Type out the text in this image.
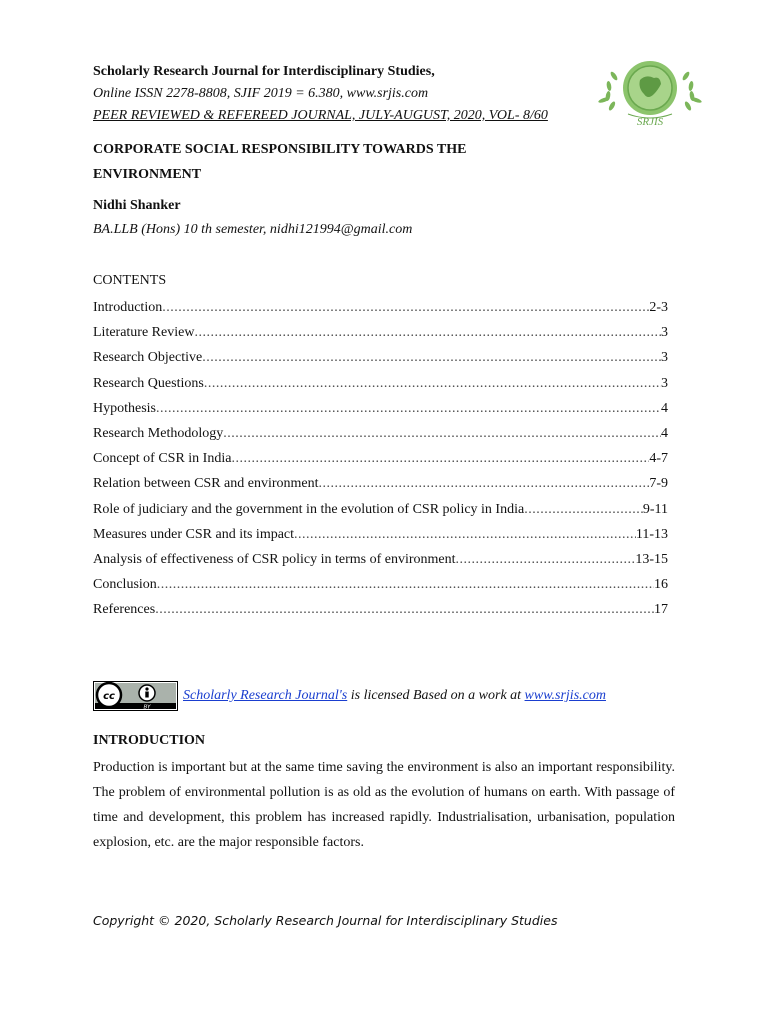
Scholarly Research Journal for Interdisciplinary Studies,
Online ISSN 2278-8808, SJIF 2019 = 6.380, www.srjis.com
PEER REVIEWED & REFEREED JOURNAL, JULY-AUGUST, 2020, VOL- 8/60	SRJIS
CORPORATE SOCIAL RESPONSIBILITY TOWARDS THE
ENVIRONMENT
Nidhi Shanker
BA.LLB (Hons) 10 th semester, nidhi121994@gmail.com
CONTENTS
Introduction .....	2-3
Literature Review .....	3
Research Objective .....	3
Research Questions .....	3
Hypothesis .....	4
Research Methodology .....	4
Concept of CSR in India .....	4-7
Relation between CSR and environment .....	7-9
Role of judiciary and the government in the evolution of CSR policy in India .....	9-11
Measures under CSR and its impact .....	11-13
Analysis of effectiveness of CSR policy in terms of environment .....	13-15
Conclusion .....	16
References .....	17
cc
BY
Scholarly Research Journal's is licensed Based on a work at www.srjis.com
INTRODUCTION

Production is important but at the same time saving the environment is also an important responsibility. The problem of environmental pollution is as old as the evolution of humans on earth. With passage of time and development, this problem has increased rapidly. Industrialisation, urbanisation, population explosion, etc. are the major responsible factors.

Copyright © 2020, Scholarly Research Journal for Interdisciplinary Studies
